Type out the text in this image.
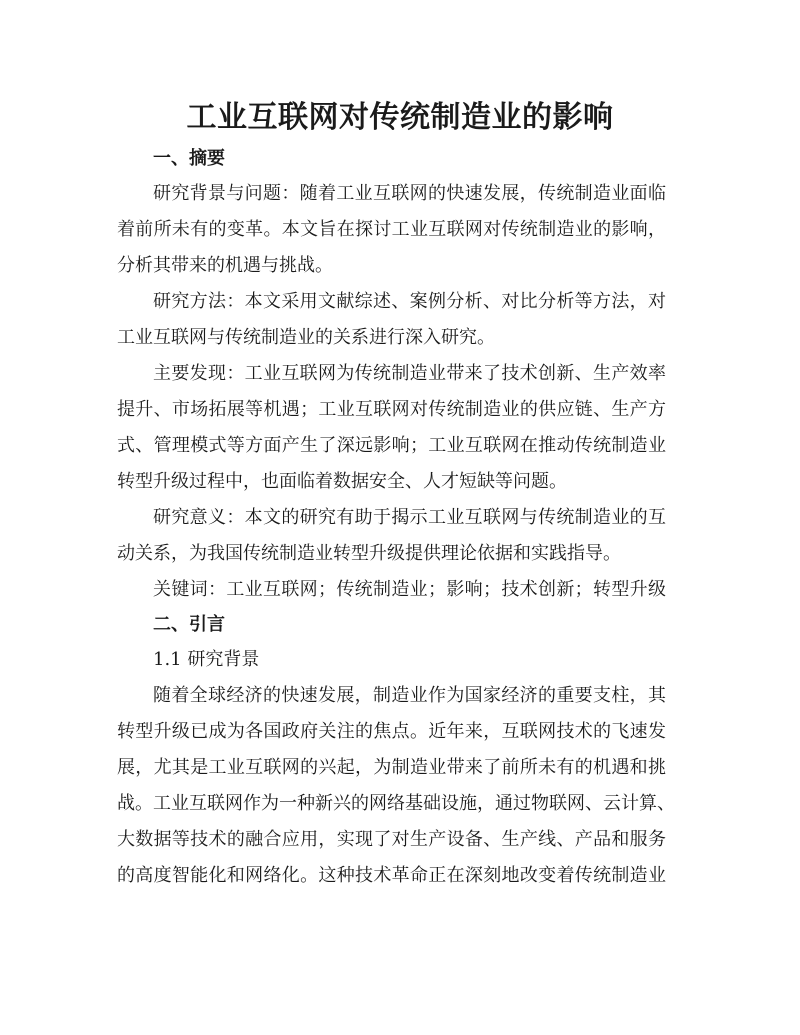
工业互联网对传统制造业的影响
一、摘要
研究背景与问题：随着工业互联网的快速发展，传统制造业面临
着前所未有的变革。本文旨在探讨工业互联网对传统制造业的影响，
分析其带来的机遇与挑战。
研究方法：本文采用文献综述、案例分析、对比分析等方法，对
工业互联网与传统制造业的关系进行深入研究。
主要发现：工业互联网为传统制造业带来了技术创新、生产效率
提升、市场拓展等机遇；工业互联网对传统制造业的供应链、生产方
式、管理模式等方面产生了深远影响；工业互联网在推动传统制造业
转型升级过程中，也面临着数据安全、人才短缺等问题。
研究意义：本文的研究有助于揭示工业互联网与传统制造业的互
动关系，为我国传统制造业转型升级提供理论依据和实践指导。
关键词：工业互联网；传统制造业；影响；技术创新；转型升级
二、引言
1.1 研究背景
随着全球经济的快速发展，制造业作为国家经济的重要支柱，其
转型升级已成为各国政府关注的焦点。近年来，互联网技术的飞速发
展，尤其是工业互联网的兴起，为制造业带来了前所未有的机遇和挑
战。工业互联网作为一种新兴的网络基础设施，通过物联网、云计算、
大数据等技术的融合应用，实现了对生产设备、生产线、产品和服务
的高度智能化和网络化。这种技术革命正在深刻地改变着传统制造业
